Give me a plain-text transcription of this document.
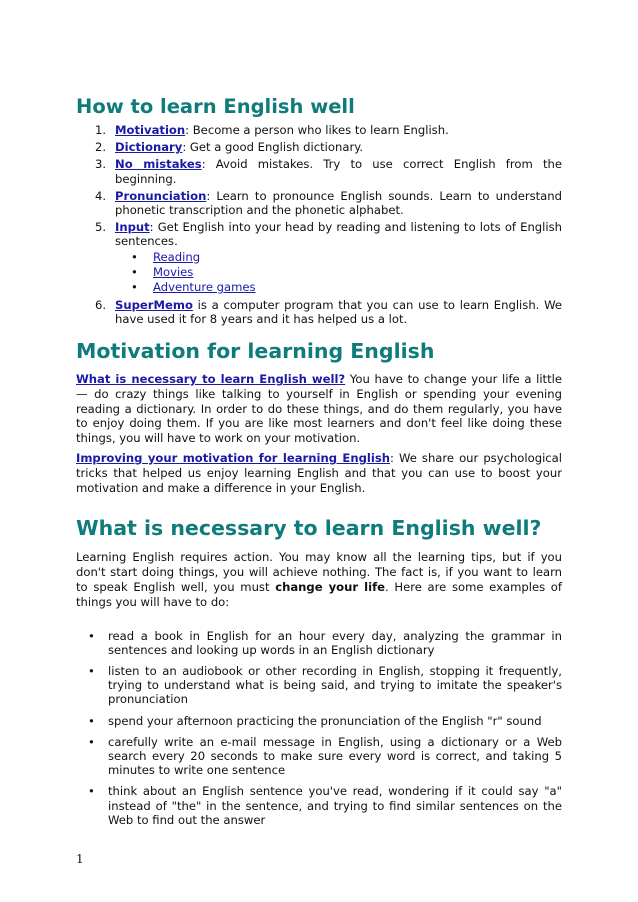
How to learn English well
1. Motivation: Become a person who likes to learn English.
2. Dictionary: Get a good English dictionary.
3. No mistakes: Avoid mistakes. Try to use correct English from the beginning.
4. Pronunciation: Learn to pronounce English sounds. Learn to understand phonetic transcription and the phonetic alphabet.
5. Input: Get English into your head by reading and listening to lots of English sentences.
• Reading
• Movies
• Adventure games
6. SuperMemo is a computer program that you can use to learn English. We have used it for 8 years and it has helped us a lot.
Motivation for learning English

What is necessary to learn English well? You have to change your life a little — do crazy things like talking to yourself in English or spending your evening reading a dictionary. In order to do these things, and do them regularly, you have to enjoy doing them. If you are like most learners and don't feel like doing these things, you will have to work on your motivation.

Improving your motivation for learning English: We share our psychological tricks that helped us enjoy learning English and that you can use to boost your motivation and make a difference in your English.

What is necessary to learn English well?

Learning English requires action. You may know all the learning tips, but if you don't start doing things, you will achieve nothing. The fact is, if you want to learn to speak English well, you must change your life. Here are some examples of things you will have to do:

• read a book in English for an hour every day, analyzing the grammar in sentences and looking up words in an English dictionary
• listen to an audiobook or other recording in English, stopping it frequently, trying to understand what is being said, and trying to imitate the speaker's pronunciation
• spend your afternoon practicing the pronunciation of the English "r" sound
• carefully write an e-mail message in English, using a dictionary or a Web search every 20 seconds to make sure every word is correct, and taking 5 minutes to write one sentence
• think about an English sentence you've read, wondering if it could say "a" instead of "the" in the sentence, and trying to find similar sentences on the Web to find out the answer
1
